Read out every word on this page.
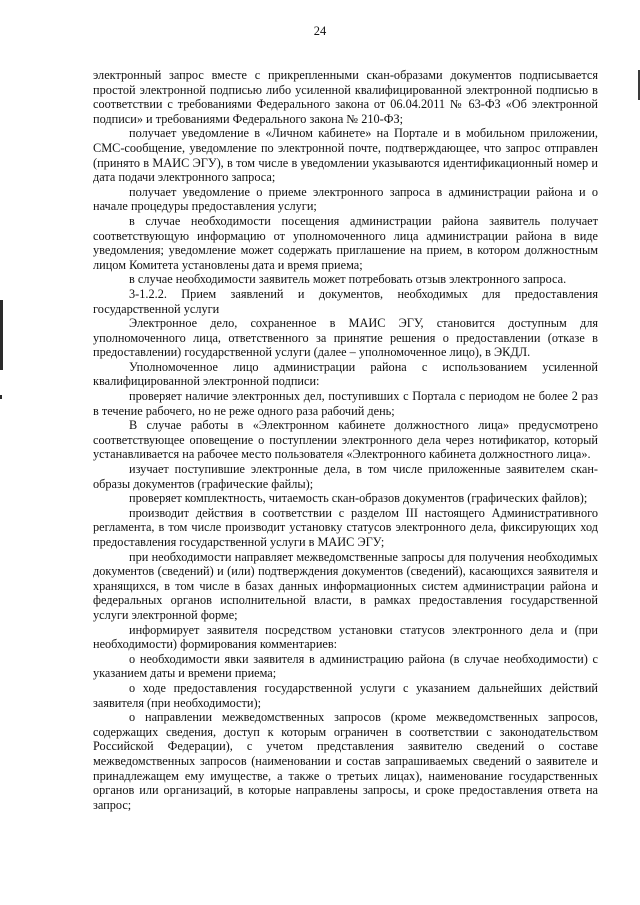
24

электронный запрос вместе с прикрепленными скан-образами документов подписывается простой электронной подписью либо усиленной квалифицированной электронной подписью в соответствии с требованиями Федерального закона от 06.04.2011 № 63-ФЗ «Об электронной подписи» и требованиями Федерального закона № 210-ФЗ;

получает уведомление в «Личном кабинете» на Портале и в мобильном приложении, СМС-сообщение, уведомление по электронной почте, подтверждающее, что запрос отправлен (принято в МАИС ЭГУ), в том числе в уведомлении указываются идентификационный номер и дата подачи электронного запроса;

получает уведомление о приеме электронного запроса в администрации района и о начале процедуры предоставления услуги;

в случае необходимости посещения администрации района заявитель получает соответствующую информацию от уполномоченного лица администрации района в виде уведомления; уведомление может содержать приглашение на прием, в котором должностным лицом Комитета установлены дата и время приема;

в случае необходимости заявитель может потребовать отзыв электронного запроса.

3-1.2.2. Прием заявлений и документов, необходимых для предоставления государственной услуги

Электронное дело, сохраненное в МАИС ЭГУ, становится доступным для уполномоченного лица, ответственного за принятие решения о предоставлении (отказе в предоставлении) государственной услуги (далее – уполномоченное лицо), в ЭКДЛ.

Уполномоченное лицо администрации района с использованием усиленной квалифицированной электронной подписи:

проверяет наличие электронных дел, поступивших с Портала с периодом не более 2 раз в течение рабочего, но не реже одного раза рабочий день;

В случае работы в «Электронном кабинете должностного лица» предусмотрено соответствующее оповещение о поступлении электронного дела через нотификатор, который устанавливается на рабочее место пользователя «Электронного кабинета должностного лица».

изучает поступившие электронные дела, в том числе приложенные заявителем скан-образы документов (графические файлы);

проверяет комплектность, читаемость скан-образов документов (графических файлов);

производит действия в соответствии с разделом III настоящего Административного регламента, в том числе производит установку статусов электронного дела, фиксирующих ход предоставления государственной услуги в МАИС ЭГУ;

при необходимости направляет межведомственные запросы для получения необходимых документов (сведений) и (или) подтверждения документов (сведений), касающихся заявителя и хранящихся, в том числе в базах данных информационных систем администрации района и федеральных органов исполнительной власти, в рамках предоставления государственной услуги электронной форме;

информирует заявителя посредством установки статусов электронного дела и (при необходимости) формирования комментариев:

о необходимости явки заявителя в администрацию района (в случае необходимости) с указанием даты и времени приема;

о ходе предоставления государственной услуги с указанием дальнейших действий заявителя (при необходимости);

о направлении межведомственных запросов (кроме межведомственных запросов, содержащих сведения, доступ к которым ограничен в соответствии с законодательством Российской Федерации), с учетом представления заявителю сведений о составе межведомственных запросов (наименовании и состав запрашиваемых сведений о заявителе и принадлежащем ему имуществе, а также о третьих лицах), наименование государственных органов или организаций, в которые направлены запросы, и сроке предоставления ответа на запрос;
